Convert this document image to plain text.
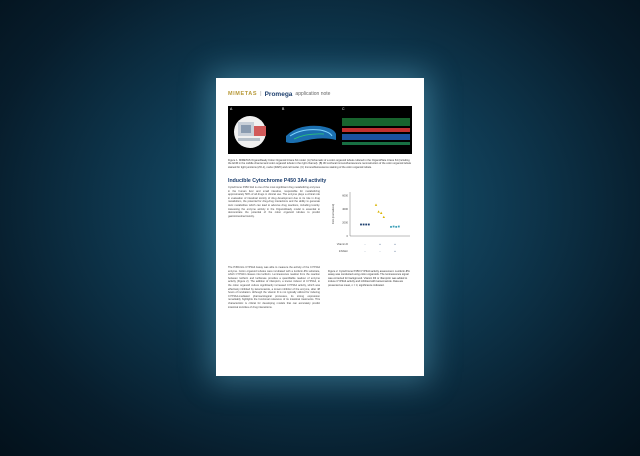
MIMETAS | Promega application note
A	B	C
Figure 1. MIMETAS OrganoReady Colon Organoid 3-lane 64 model. (A) Schematic of a colon organoid tubule cultured in the OrganoPlate 3-lane 64 (including the ECM in the middle channel and colon organoid tubule in the right channel). (B) 3D confocal immunofluorescence reconstruction of the colon organoid tubule stained for tight junctions (ZO-1), nuclei (DAPI) and cell nuclei. (C) Immunofluorescence staining of the colon organoid tubule.
Inducible Cytochrome P450 3A4 activity
Cytochrome P450 3A4 is one of the most significant drug metabolizing enzymes in the human liver and small intestine, responsible for metabolizing approximately 50% of all drugs in clinical use. The enzyme plays a critical role in evaluation of intestinal toxicity of drug development due to its role in drug metabolism, the potential for drug-drug interactions and the ability to generate toxic metabolites which can lead to adverse drug reactions, including toxicity. Assessing the enzyme activity in the OrganoReady model is essential to demonstrate the potential of the colon organoid tubules to predict gastrointestinal toxicity.
The P450-Glo CYP3A4 Assay was able to measure the activity of the CYP3A4 enzyme. Colon organoid tubules were incubated with a luciferin-IPA substrate, which CYP3A4 cleaves into luciferin. Luminescence readout from the reaction between luciferin and luciferase provides a quantifiable readout of enzyme activity (Figure 2). The addition of rifampicin, a known inducer of CYP3A4, to the colon organoid culture significantly increased CYP3A4 activity, which was effectively inhibited by ketoconazole, a known inhibitor of the enzyme, after 48 hours of incubation. Although the vitamin D is not typically utilized for inducing CYP3A4-mediated pharmacological processes, its strong expression remarkably highlights the functional relevance of its intestinal treatments. This characteristic is critical for developing models that can accurately predict intestinal toxicities of drug interactions.
0
2000
4000
6000
RLU (normalized)
Vitamin D	-	+	+
Inhibitor	-	-	+
Figure 2. Cytochrome P450 CYP3A4 activity assessment. Luciferin-IPA assay was conducted using colon organoids. The luminescence signal was corrected for background. Vitamin D3 or rifampicin was added to induce CYP3A4 activity and inhibited with ketoconazole. Data are presented as mean, n = 4; significance indicated.
